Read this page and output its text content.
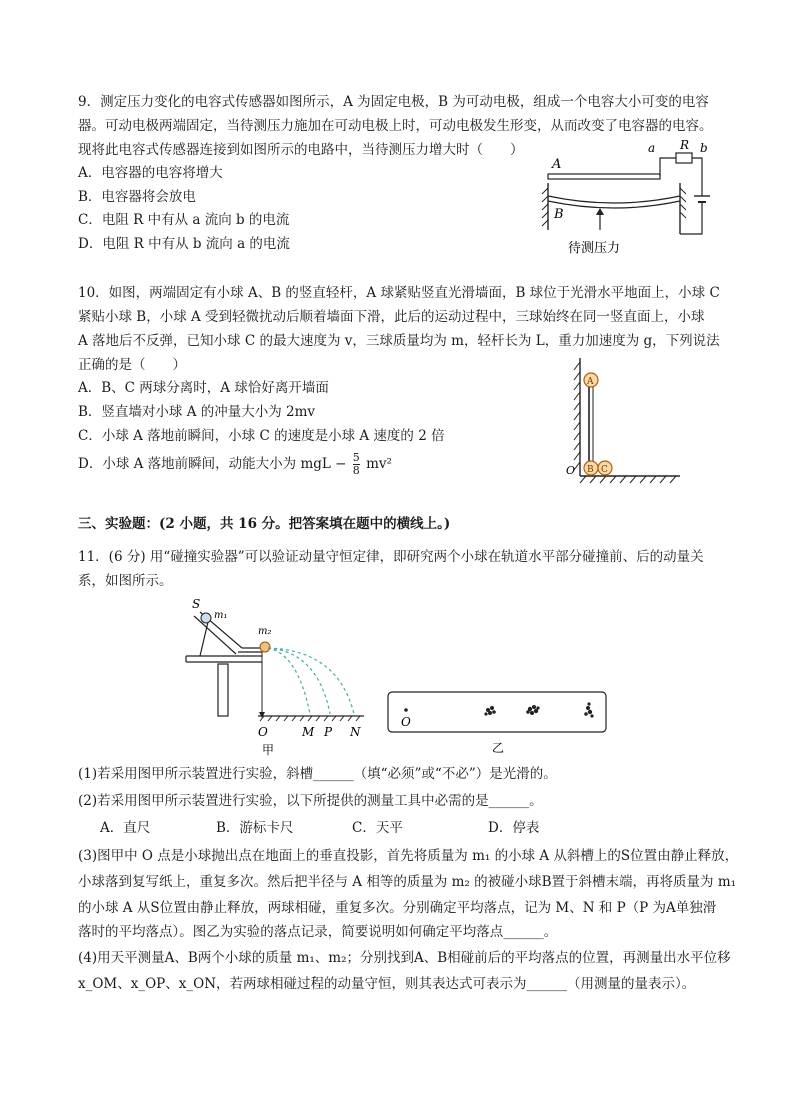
9．测定压力变化的电容式传感器如图所示，A 为固定电极，B 为可动电极，组成一个电容大小可变的电容
器。可动电极两端固定，当待测压力施加在可动电极上时，可动电极发生形变，从而改变了电容器的电容。
现将此电容式传感器连接到如图所示的电路中，当待测压力增大时（　　）
A．电容器的电容将增大
B．电容器将会放电
C．电阻 R 中有从 a 流向 b 的电流
D．电阻 R 中有从 b 流向 a 的电流
A
a R b
B
待测压力
10．如图，两端固定有小球 A、B 的竖直轻杆，A 球紧贴竖直光滑墙面，B 球位于光滑水平地面上，小球 C
紧贴小球 B，小球 A 受到轻微扰动后顺着墙面下滑，此后的运动过程中，三球始终在同一竖直面上，小球
A 落地后不反弹，已知小球 C 的最大速度为 v，三球质量均为 m，轻杆长为 L，重力加速度为 g，下列说法
正确的是（　　）
A．B、C 两球分离时，A 球恰好离开墙面
B．竖直墙对小球 A 的冲量大小为 2mv
C．小球 A 落地前瞬间，小球 C 的速度是小球 A 速度的 2 倍
D．小球 A 落地前瞬间，动能大小为 mgL − $\frac{5}{8} mv^2$
A
B C
O
三、实验题：(2 小题，共 16 分。把答案填在题中的横线上。)
11．(6 分) 用“碰撞实验器”可以验证动量守恒定律，即研究两个小球在轨道水平部分碰撞前、后的动量关
系，如图所示。
S
m₁
m₂
O	M P N
甲
O
乙
(1)若采用图甲所示装置进行实验，斜槽______（填“必须”或“不必”）是光滑的。
(2)若采用图甲所示装置进行实验，以下所提供的测量工具中必需的是______。
A．直尺	B．游标卡尺	C．天平	D．停表
(3)图甲中 O 点是小球抛出点在地面上的垂直投影，首先将质量为 m₁ 的小球 A 从斜槽上的S位置由静止释放，
小球落到复写纸上，重复多次。然后把半径与 A 相等的质量为 m₂ 的被碰小球B置于斜槽末端，再将质量为 m₁
的小球 A 从S位置由静止释放，两球相碰，重复多次。分别确定平均落点，记为 M、N 和 P（P 为A单独滑
落时的平均落点）。图乙为实验的落点记录，简要说明如何确定平均落点______。
(4)用天平测量A、B两个小球的质量 m₁、m₂；分别找到A、B相碰前后的平均落点的位置，再测量出水平位移
x_OM、x_OP、x_ON，若两球相碰过程的动量守恒，则其表达式可表示为______（用测量的量表示）。
